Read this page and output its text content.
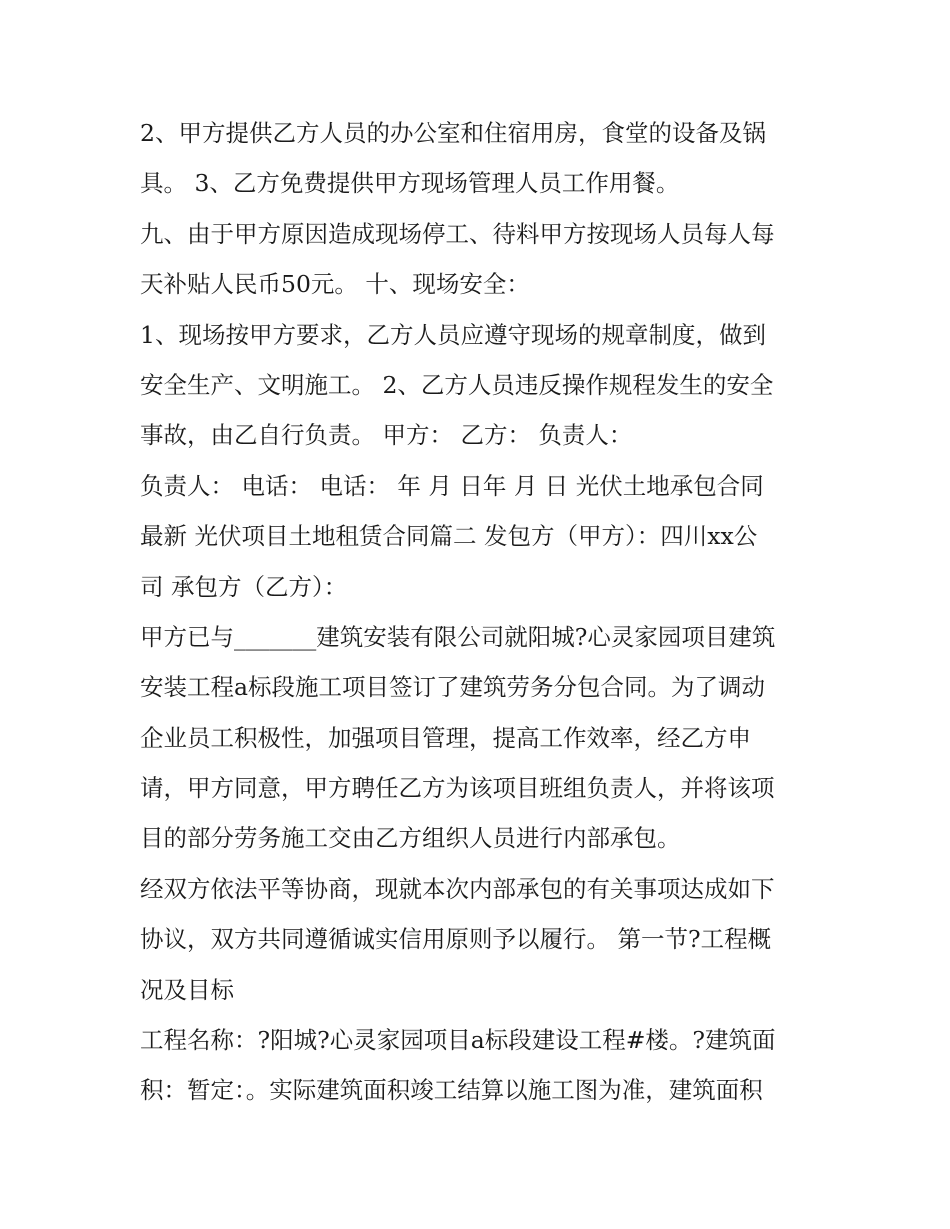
2、甲方提供乙方人员的办公室和住宿用房，食堂的设备及锅
具。 3、乙方免费提供甲方现场管理人员工作用餐。
九、由于甲方原因造成现场停工、待料甲方按现场人员每人每
天补贴人民币50元。 十、现场安全：
1、现场按甲方要求，乙方人员应遵守现场的规章制度，做到
安全生产、文明施工。 2、乙方人员违反操作规程发生的安全
事故，由乙自行负责。 甲方： 乙方： 负责人：
负责人： 电话： 电话： 年 月 日年 月 日 光伏土地承包合同
最新 光伏项目土地租赁合同篇二 发包方（甲方）：四川xx公
司 承包方（乙方）：
甲方已与_______建筑安装有限公司就阳城?心灵家园项目建筑
安装工程a标段施工项目签订了建筑劳务分包合同。为了调动
企业员工积极性，加强项目管理，提高工作效率，经乙方申
请，甲方同意，甲方聘任乙方为该项目班组负责人，并将该项
目的部分劳务施工交由乙方组织人员进行内部承包。
经双方依法平等协商，现就本次内部承包的有关事项达成如下
协议，双方共同遵循诚实信用原则予以履行。 第一节?工程概
况及目标
工程名称：?阳城?心灵家园项目a标段建设工程#楼。?建筑面
积：暂定：。实际建筑面积竣工结算以施工图为准，建筑面积
